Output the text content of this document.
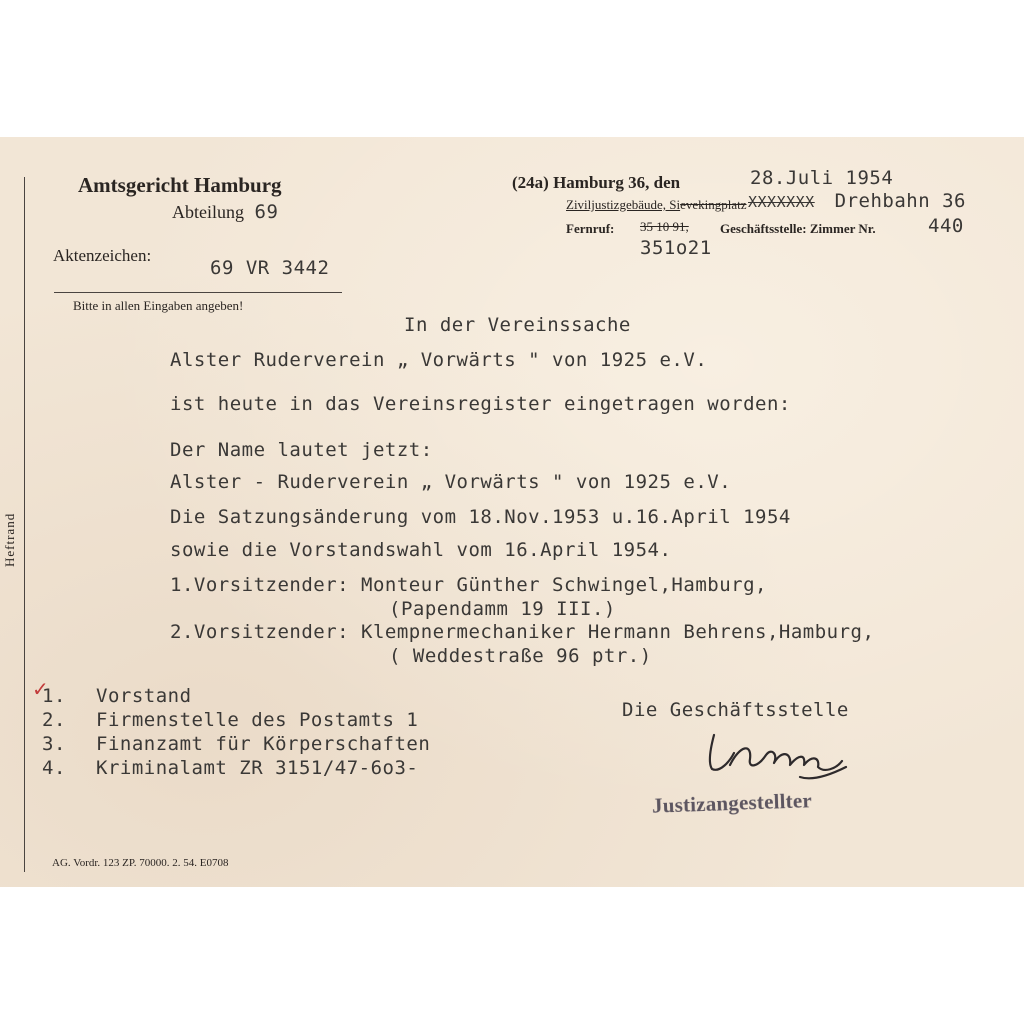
Heftrand
Amtsgericht Hamburg
Abteilung 69
Aktenzeichen:
69 VR 3442
Bitte in allen Eingaben angeben!
(24a) Hamburg 36, den	28.Juli 1954
Ziviljustizgebäude, Sievekingplatz XXXXXXX Drehbahn 36
Fernruf: 35 10 91, Geschäftsstelle: Zimmer Nr.	440
351o21
In der Vereinssache
Alster Ruderverein „ Vorwärts " von 1925 e.V.
ist heute in das Vereinsregister eingetragen worden:
Der Name lautet jetzt:
Alster - Ruderverein „ Vorwärts " von 1925 e.V.
Die Satzungsänderung vom 18.Nov.1953 u.16.April 1954
sowie die Vorstandswahl vom 16.April 1954.
1.Vorsitzender: Monteur Günther Schwingel,Hamburg,
(Papendamm 19 III.)
2.Vorsitzender: Klempnermechaniker Hermann Behrens,Hamburg,
( Weddestraße 96 ptr.)
✓
1. Vorstand
2. Firmenstelle des Postamts 1
3. Finanzamt für Körperschaften
4. Kriminalamt ZR 3151/47-6o3-
Die Geschäftsstelle
Justizangestellter
AG. Vordr. 123 ZP. 70000. 2. 54. E0708
